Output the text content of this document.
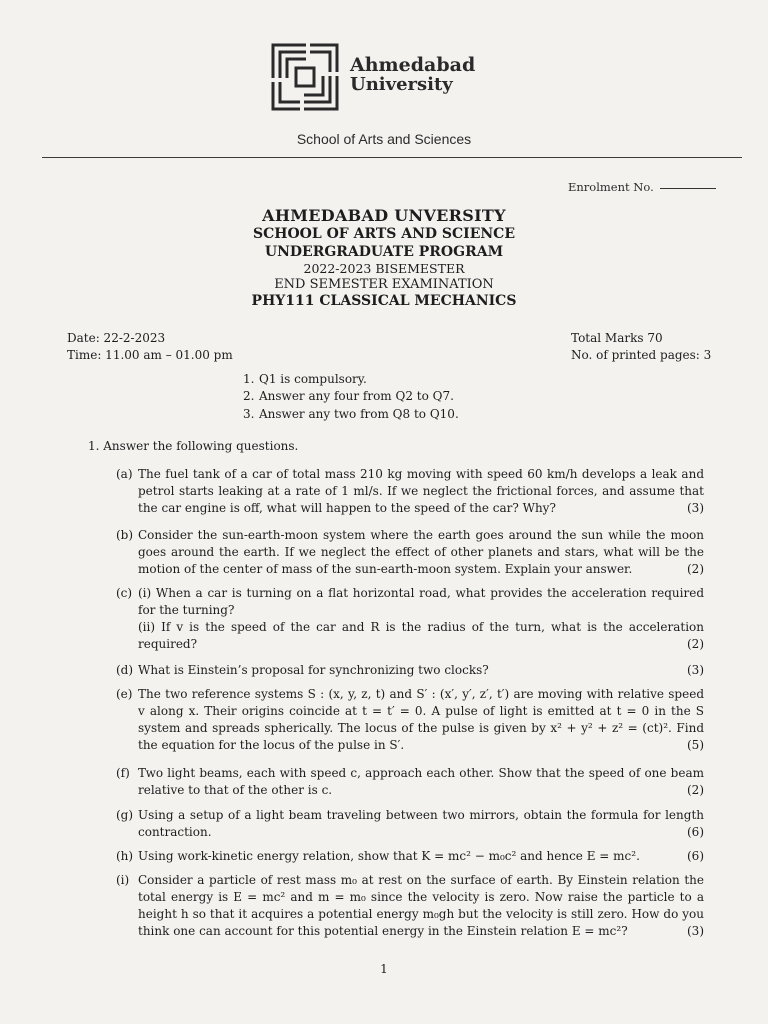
Ahmedabad
University
School of Arts and Sciences
Enrolment No.
AHMEDABAD UNVERSITY
SCHOOL OF ARTS AND SCIENCE
UNDERGRADUATE PROGRAM
2022-2023 BISEMESTER
END SEMESTER EXAMINATION
PHY111 CLASSICAL MECHANICS
Date: 22-2-2023
Time: 11.00 am – 01.00 pm
Total Marks 70
No. of printed pages: 3
1. Q1 is compulsory.
2. Answer any four from Q2 to Q7.
3. Answer any two from Q8 to Q10.
1. Answer the following questions.
(a) The fuel tank of a car of total mass 210 kg moving with speed 60 km/h develops a leak and petrol starts leaking at a rate of 1 ml/s. If we neglect the frictional forces, and assume that the car engine is off, what will happen to the speed of the car? Why?	(3)
(b) Consider the sun-earth-moon system where the earth goes around the sun while the moon goes around the earth. If we neglect the effect of other planets and stars, what will be the motion of the center of mass of the sun-earth-moon system. Explain your answer.	(2)
(c) (i) When a car is turning on a flat horizontal road, what provides the acceleration required for the turning?
(ii) If v is the speed of the car and R is the radius of the turn, what is the acceleration required?	(2)
(d) What is Einstein’s proposal for synchronizing two clocks?	(3)
(e) The two reference systems S : (x, y, z, t) and S′ : (x′, y′, z′, t′) are moving with relative speed v along x. Their origins coincide at t = t′ = 0. A pulse of light is emitted at t = 0 in the S system and spreads spherically. The locus of the pulse is given by x² + y² + z² = (ct)². Find the equation for the locus of the pulse in S′.	(5)
(f) Two light beams, each with speed c, approach each other. Show that the speed of one beam relative to that of the other is c.	(2)
(g) Using a setup of a light beam traveling between two mirrors, obtain the formula for length contraction.	(6)
(h) Using work-kinetic energy relation, show that K = mc² − m₀c² and hence E = mc².	(6)
(i) Consider a particle of rest mass m₀ at rest on the surface of earth. By Einstein relation the total energy is E = mc² and m = m₀ since the velocity is zero. Now raise the particle to a height h so that it acquires a potential energy m₀gh but the velocity is still zero. How do you think one can account for this potential energy in the Einstein relation E = mc²?	(3)
1
